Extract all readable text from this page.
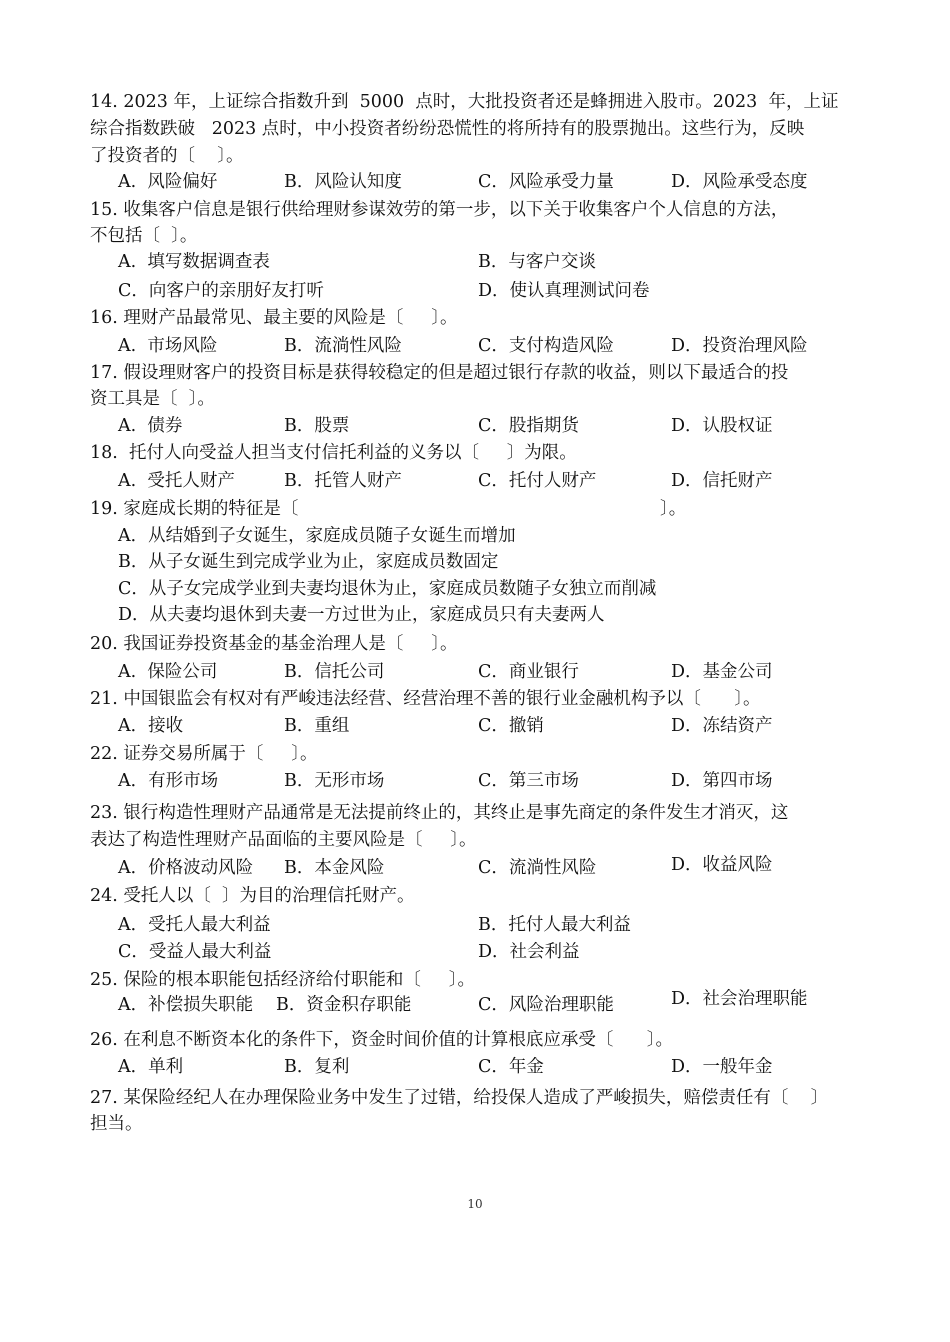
14. 2023 年，上证综合指数升到  5000  点时，大批投资者还是蜂拥进入股市。2023  年，上证
综合指数跌破   2023 点时，中小投资者纷纷恐慌性的将所持有的股票抛出。这些行为，反映
了投资者的〔    〕。
A.  风险偏好	B．风险认知度	C．风险承受力量	D．风险承受态度
15. 收集客户信息是银行供给理财参谋效劳的第一步，以下关于收集客户个人信息的方法，
不包括〔  〕。
A.  填写数据调查表	B．与客户交谈
C．向客户的亲朋好友打听	D．使认真理测试问卷
16. 理财产品最常见、最主要的风险是〔     〕。
A.  市场风险	B．流淌性风险	C．支付构造风险	D．投资治理风险
17. 假设理财客户的投资目标是获得较稳定的但是超过银行存款的收益，则以下最适合的投
资工具是〔  〕。
A.  债券	B．股票	C．股指期货	D．认股权证
18.  托付人向受益人担当支付信托利益的义务以〔     〕为限。
A.  受托人财产	B．托管人财产	C．托付人财产	D．信托财产
19. 家庭成长期的特征是〔                                                                 〕。
A．从结婚到子女诞生，家庭成员随子女诞生而增加
B．从子女诞生到完成学业为止，家庭成员数固定
C．从子女完成学业到夫妻均退休为止，家庭成员数随子女独立而削减
D．从夫妻均退休到夫妻一方过世为止，家庭成员只有夫妻两人
20. 我国证券投资基金的基金治理人是〔     〕。
A.  保险公司	B．信托公司	C．商业银行	D．基金公司
21. 中国银监会有权对有严峻违法经营、经营治理不善的银行业金融机构予以〔      〕。
A．接收	B．重组	C．撤销	D．冻结资产
22. 证券交易所属于〔     〕。
A．有形市场	B．无形市场	C．第三市场	D．第四市场
23. 银行构造性理财产品通常是无法提前终止的，其终止是事先商定的条件发生才消灭，这
表达了构造性理财产品面临的主要风险是〔     〕。
A．价格波动风险 B．本金风险	C．流淌性风险	D．收益风险
24. 受托人以〔  〕为目的治理信托财产。
A．受托人最大利益	B．托付人最大利益
C．受益人最大利益	D．社会利益
25. 保险的根本职能包括经济给付职能和〔     〕。
A．补偿损失职能 B．资金积存职能	C．风险治理职能	D．社会治理职能
26. 在利息不断资本化的条件下，资金时间价值的计算根底应承受〔      〕。
A．单利	B．复利	C．年金	D．一般年金
27. 某保险经纪人在办理保险业务中发生了过错，给投保人造成了严峻损失，赔偿责任有〔    〕
担当。
10
